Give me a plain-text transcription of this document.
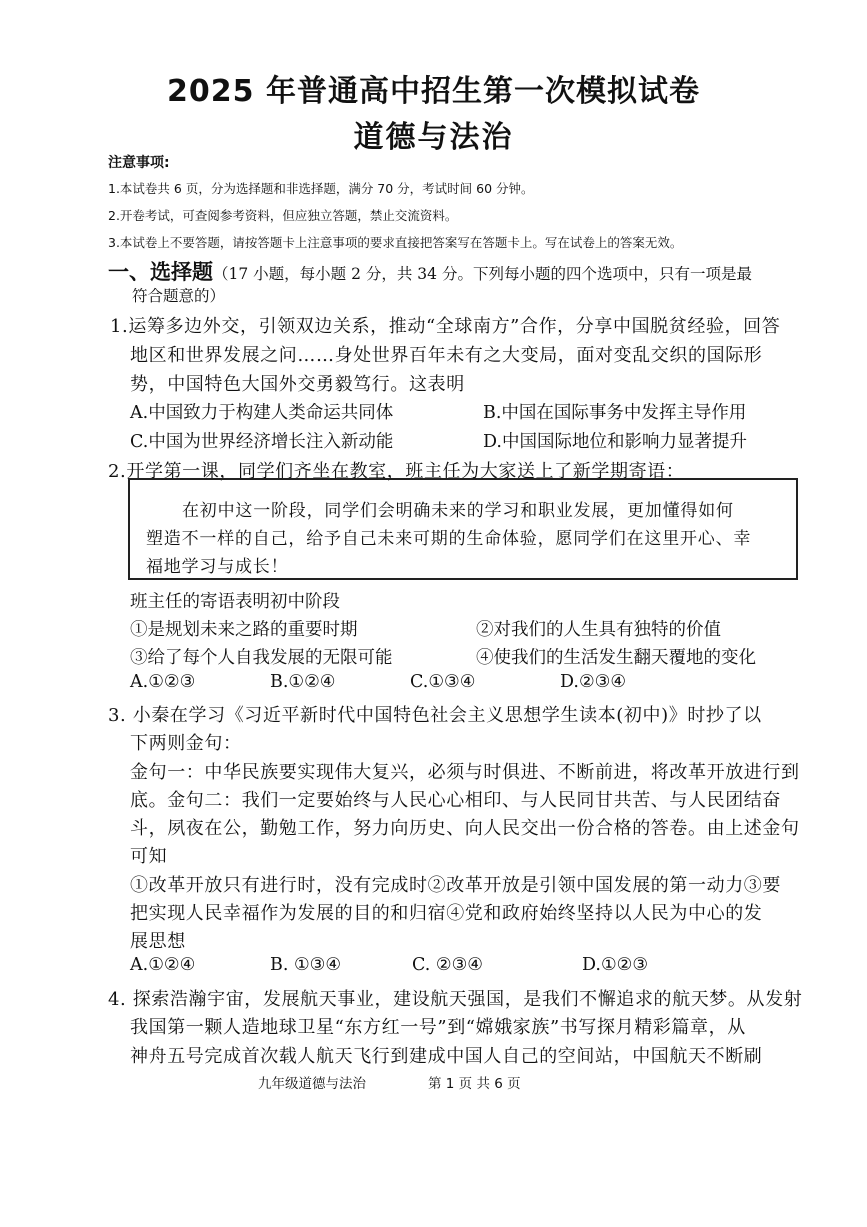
2025 年普通高中招生第一次模拟试卷
道德与法治
注意事项:
1.本试卷共 6 页，分为选择题和非选择题，满分 70 分，考试时间 60 分钟。
2.开卷考试，可查阅参考资料，但应独立答题，禁止交流资料。
3.本试卷上不要答题，请按答题卡上注意事项的要求直接把答案写在答题卡上。写在试卷上的答案无效。
一、选择题（17 小题，每小题 2 分，共 34 分。下列每小题的四个选项中，只有一项是最
符合题意的）
1.运筹多边外交，引领双边关系，推动“全球南方”合作，分享中国脱贫经验，回答
地区和世界发展之问……身处世界百年未有之大变局，面对变乱交织的国际形
势，中国特色大国外交勇毅笃行。这表明
A.中国致力于构建人类命运共同体	B.中国在国际事务中发挥主导作用
C.中国为世界经济增长注入新动能	D.中国国际地位和影响力显著提升
2.开学第一课，同学们齐坐在教室，班主任为大家送上了新学期寄语：
在初中这一阶段，同学们会明确未来的学习和职业发展，更加懂得如何
塑造不一样的自己，给予自己未来可期的生命体验，愿同学们在这里开心、幸
福地学习与成长！
班主任的寄语表明初中阶段
①是规划未来之路的重要时期	②对我们的人生具有独特的价值
③给了每个人自我发展的无限可能	④使我们的生活发生翻天覆地的变化
A.①②③	B.①②④	C.①③④	D.②③④
3. 小秦在学习《习近平新时代中国特色社会主义思想学生读本(初中)》时抄了以
下两则金句：
金句一：中华民族要实现伟大复兴，必须与时俱进、不断前进，将改革开放进行到
底。金句二：我们一定要始终与人民心心相印、与人民同甘共苦、与人民团结奋
斗，夙夜在公，勤勉工作，努力向历史、向人民交出一份合格的答卷。由上述金句
可知
①改革开放只有进行时，没有完成时②改革开放是引领中国发展的第一动力③要
把实现人民幸福作为发展的目的和归宿④党和政府始终坚持以人民为中心的发
展思想
A.①②④	B. ①③④	C. ②③④	D.①②③
4. 探索浩瀚宇宙，发展航天事业，建设航天强国，是我们不懈追求的航天梦。从发射
我国第一颗人造地球卫星“东方红一号”到“嫦娥家族”书写探月精彩篇章，从
神舟五号完成首次载人航天飞行到建成中国人自己的空间站，中国航天不断刷
九年级道德与法治	第 1 页 共 6 页
